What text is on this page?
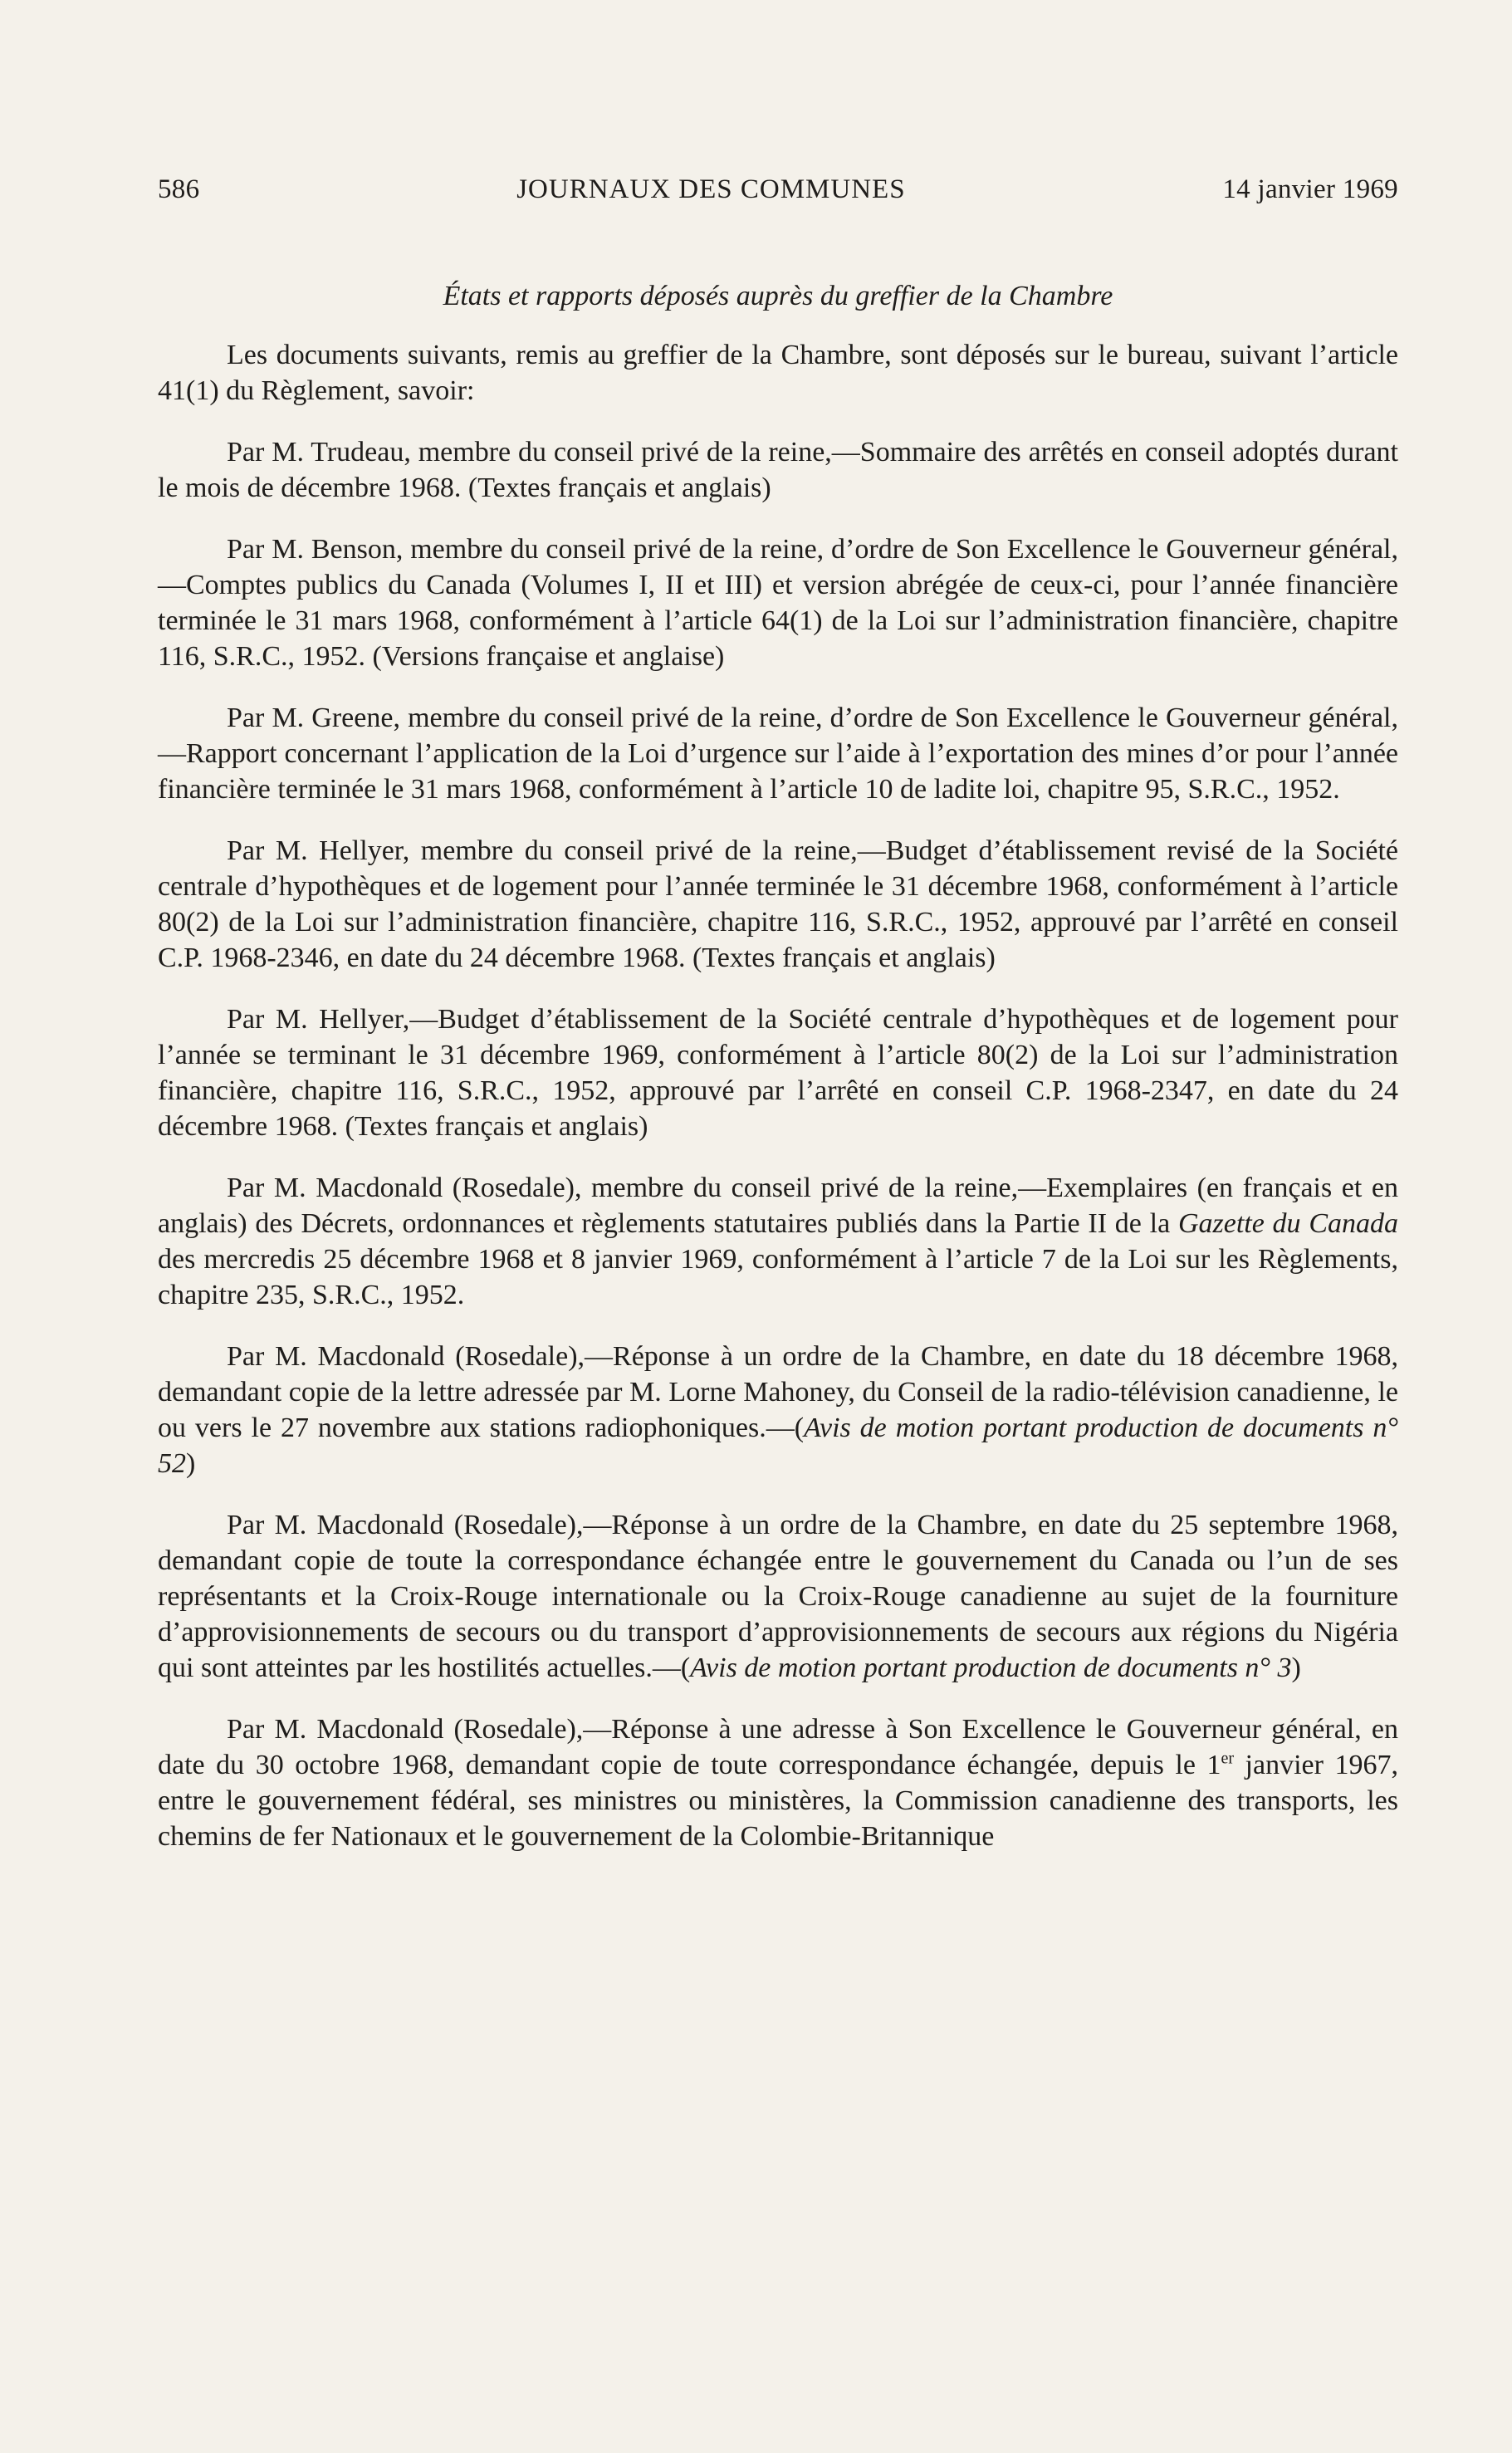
586	JOURNAUX DES COMMUNES	14 janvier 1969
États et rapports déposés auprès du greffier de la Chambre

Les documents suivants, remis au greffier de la Chambre, sont déposés sur le bureau, suivant l’article 41(1) du Règlement, savoir:

Par M. Trudeau, membre du conseil privé de la reine,—Sommaire des arrêtés en conseil adoptés durant le mois de décembre 1968. (Textes français et anglais)

Par M. Benson, membre du conseil privé de la reine, d’ordre de Son Excellence le Gouverneur général,—Comptes publics du Canada (Volumes I, II et III) et version abrégée de ceux-ci, pour l’année financière terminée le 31 mars 1968, conformément à l’article 64(1) de la Loi sur l’administration financière, chapitre 116, S.R.C., 1952. (Versions française et anglaise)

Par M. Greene, membre du conseil privé de la reine, d’ordre de Son Excellence le Gouverneur général,—Rapport concernant l’application de la Loi d’urgence sur l’aide à l’exportation des mines d’or pour l’année financière terminée le 31 mars 1968, conformément à l’article 10 de ladite loi, chapitre 95, S.R.C., 1952.

Par M. Hellyer, membre du conseil privé de la reine,—Budget d’établissement revisé de la Société centrale d’hypothèques et de logement pour l’année terminée le 31 décembre 1968, conformément à l’article 80(2) de la Loi sur l’administration financière, chapitre 116, S.R.C., 1952, approuvé par l’arrêté en conseil C.P. 1968-2346, en date du 24 décembre 1968. (Textes français et anglais)

Par M. Hellyer,—Budget d’établissement de la Société centrale d’hypothèques et de logement pour l’année se terminant le 31 décembre 1969, conformément à l’article 80(2) de la Loi sur l’administration financière, chapitre 116, S.R.C., 1952, approuvé par l’arrêté en conseil C.P. 1968-2347, en date du 24 décembre 1968. (Textes français et anglais)

Par M. Macdonald (Rosedale), membre du conseil privé de la reine,—Exemplaires (en français et en anglais) des Décrets, ordonnances et règlements statutaires publiés dans la Partie II de la Gazette du Canada des mercredis 25 décembre 1968 et 8 janvier 1969, conformément à l’article 7 de la Loi sur les Règlements, chapitre 235, S.R.C., 1952.

Par M. Macdonald (Rosedale),—Réponse à un ordre de la Chambre, en date du 18 décembre 1968, demandant copie de la lettre adressée par M. Lorne Mahoney, du Conseil de la radio-télévision canadienne, le ou vers le 27 novembre aux stations radiophoniques.—(Avis de motion portant production de documents n° 52)

Par M. Macdonald (Rosedale),—Réponse à un ordre de la Chambre, en date du 25 septembre 1968, demandant copie de toute la correspondance échangée entre le gouvernement du Canada ou l’un de ses représentants et la Croix-Rouge internationale ou la Croix-Rouge canadienne au sujet de la fourniture d’approvisionnements de secours ou du transport d’approvisionnements de secours aux régions du Nigéria qui sont atteintes par les hostilités actuelles.—(Avis de motion portant production de documents n° 3)

Par M. Macdonald (Rosedale),—Réponse à une adresse à Son Excellence le Gouverneur général, en date du 30 octobre 1968, demandant copie de toute correspondance échangée, depuis le 1er janvier 1967, entre le gouvernement fédéral, ses ministres ou ministères, la Commission canadienne des transports, les chemins de fer Nationaux et le gouvernement de la Colombie-Britannique
